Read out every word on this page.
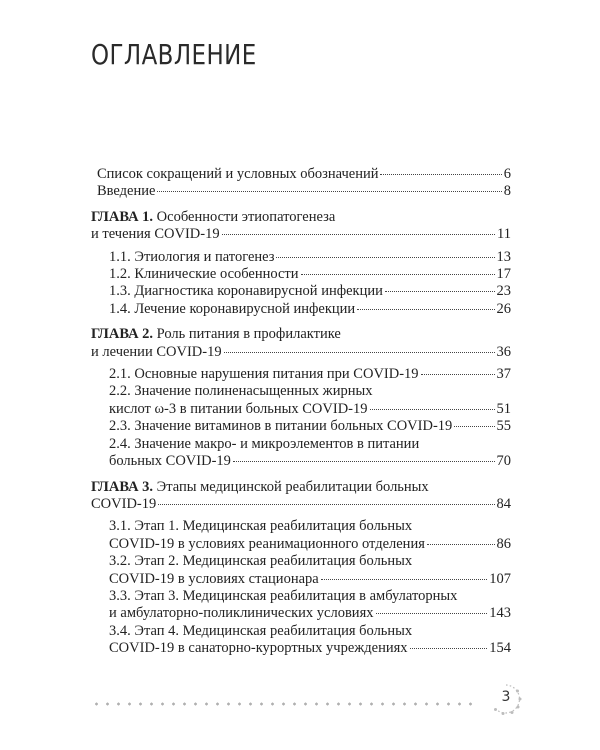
ОГЛАВЛЕНИЕ
Список сокращений и условных обозначений	6
Введение	8
ГЛАВА 1. Особенности этиопатогенеза
и течения COVID-19	11
1.1. Этиология и патогенез	13
1.2. Клинические особенности	17
1.3. Диагностика коронавирусной инфекции	23
1.4. Лечение коронавирусной инфекции	26
ГЛАВА 2. Роль питания в профилактике
и лечении COVID-19	36
2.1. Основные нарушения питания при COVID-19	37
2.2. Значение полиненасыщенных жирных
кислот ω-3 в питании больных COVID-19	51
2.3. Значение витаминов в питании больных COVID-19	55
2.4. Значение макро- и микроэлементов в питании
больных COVID-19	70
ГЛАВА 3. Этапы медицинской реабилитации больных
COVID-19	84
3.1. Этап 1. Медицинская реабилитация больных
COVID-19 в условиях реанимационного отделения	86
3.2. Этап 2. Медицинская реабилитация больных
COVID-19 в условиях стационара	107
3.3. Этап 3. Медицинская реабилитация в амбулаторных
и амбулаторно-поликлинических условиях	143
3.4. Этап 4. Медицинская реабилитация больных
COVID-19 в санаторно-курортных учреждениях	154
3
